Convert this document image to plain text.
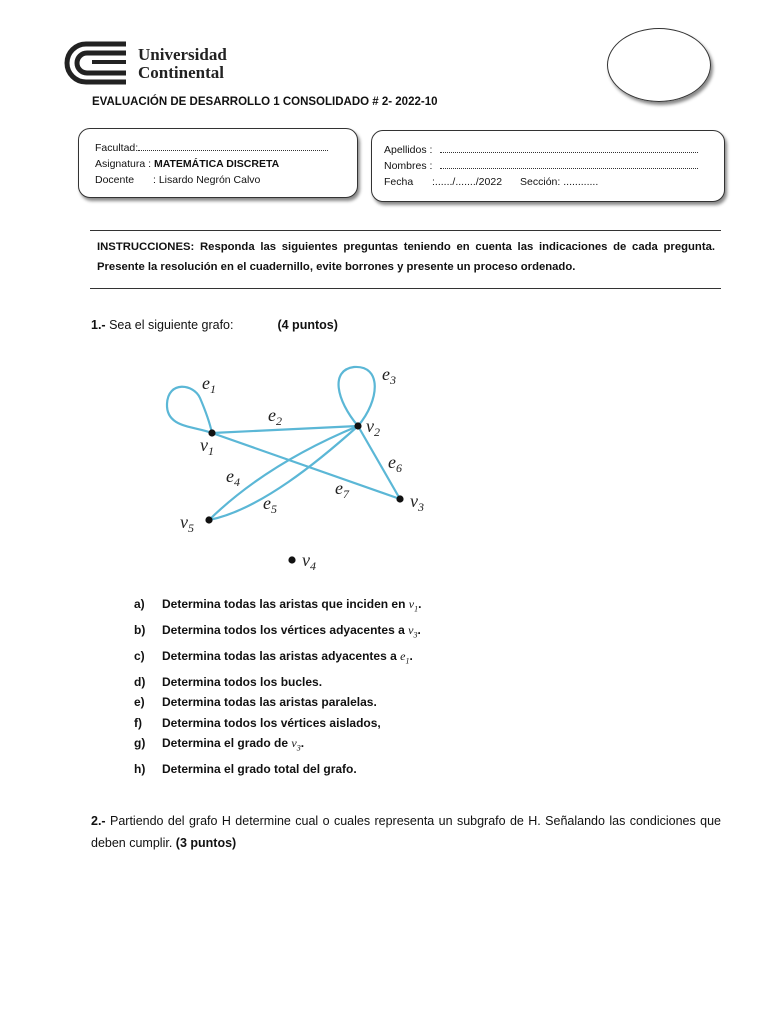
Universidad
Continental
EVALUACIÓN DE DESARROLLO 1 CONSOLIDADO # 2- 2022-10
Facultad:
Asignatura : MATEMÁTICA DISCRETA
Docente : Lisardo Negrón Calvo
Apellidos :
Nombres :
Fecha :....../......./2022 Sección: ............
INSTRUCCIONES: Responda las siguientes preguntas teniendo en cuenta las indicaciones de cada pregunta. Presente la resolución en el cuadernillo, evite borrones y presente un proceso ordenado.
1.- Sea el siguiente grafo:	(4 puntos)
$e_1$
$e_2$
$e_3$
$e_4$
$e_5$
$e_6$
$e_7$
$v_1$
$v_2$
$v_3$
$v_4$
$v_5$
a) Determina todas las aristas que inciden en $v_1$.
b) Determina todos los vértices adyacentes a $v_3$.
c) Determina todas las aristas adyacentes a $e_1$.
d) Determina todos los bucles.
e) Determina todas las aristas paralelas.
f) Determina todos los vértices aislados,
g) Determina el grado de $v_3$.
h) Determina el grado total del grafo.
2.- Partiendo del grafo H determine cual o cuales representa un subgrafo de H. Señalando las condiciones que deben cumplir. (3 puntos)
